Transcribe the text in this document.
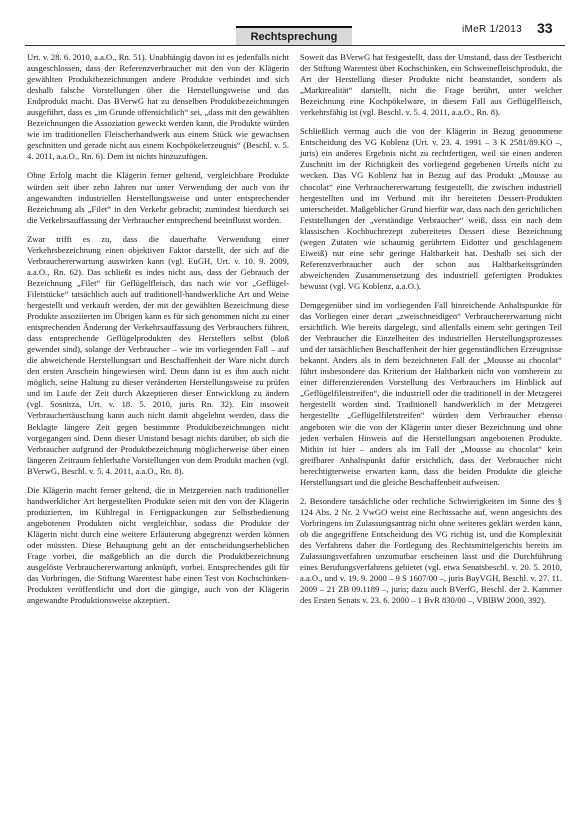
Rechtsprechung
iMeR 1/2013 33

Urt. v. 28. 6. 2010, a.a.O., Rn. 51). Unabhängig davon ist es jedenfalls nicht ausgeschlossen, dass der Referenzverbraucher mit den von der Klägerin gewählten Produktbezeichnungen andere Produkte verbindet und sich deshalb falsche Vorstellungen über die Herstellungsweise und das Endprodukt macht. Das BVerwG hat zu denselben Produktbezeichnungen ausgeführt, dass es „im Grunde offensichtlich“ sei, „dass mit den gewählten Bezeichnungen die Assoziation geweckt werden kann, die Produkte würden wie im traditionellen Fleischerhandwerk aus einem Stück wie gewachsen geschnitten und gerade nicht aus einem Kochpökelerzeugnis“ (Beschl. v. 5. 4. 2011, a.a.O., Rn. 6). Dem ist nichts hinzuzufügen.

Ohne Erfolg macht die Klägerin ferner geltend, vergleichbare Produkte würden seit über zehn Jahren nur unter Verwendung der auch von ihr angewandten industriellen Herstellungsweise und unter entsprechender Bezeichnung als „Filet“ in den Verkehr gebracht; zumindest hierdurch sei die Verkehrsauffassung der Verbraucher entsprechend beeinflusst worden.

Zwar trifft es zu, dass die dauerhafte Verwendung einer Verkehrsbezeichnung einen objektiven Faktor darstellt, der sich auf die Verbrauchererwartung auswirken kann (vgl. EuGH, Urt. v. 10. 9. 2009, a.a.O., Rn. 62). Das schließt es indes nicht aus, dass der Gebrauch der Bezeichnung „Filet“ für Geflügelfleisch, das nach wie vor „Geflügel-Filetstücke“ tatsächlich auch auf traditionell-handwerkliche Art und Weise hergestellt und verkauft werden, der mit der gewählten Bezeichnung diese Produkte assoziierten im Übrigen kann es für sich genommen nicht zu einer entsprechenden Änderung der Verkehrsauffassung des Verbrauchers führen, dass entsprechende Geflügelprodukten des Herstellers selbst (bloß gewendet sind), solange der Verbraucher – wie im vorliegenden Fall – auf die abweichende Herstellungsart und Beschaffenheit der Ware nicht durch den ersten Anschein hingewiesen wird. Denn dann ist es ihm auch nicht möglich, seine Haltung zu dieser veränderten Herstellungsweise zu prüfen und im Laufe der Zeit durch Akzeptieren dieser Entwicklung zu ändern (vgl. Sosnitza, Urt. v. 18. 5. 2010, juris Rn. 32). Ein insoweit Verbrauchertäuschung kann auch nicht damit abgelehnt werden, dass die Beklagte längere Zeit gegen bestimmte Produktbezeichnungen nicht vorgegangen sind. Denn dieser Umstand besagt nichts darüber, ob sich die Verbraucher aufgrund der Produktbezeichnung möglicherweise über einen längeren Zeitraum fehlerhafte Vorstellungen von dem Produkt machen (vgl. BVerwG, Beschl. v. 5. 4. 2011, a.a.O., Rn. 8).

Die Klägerin macht ferner geltend, die in Metzgereien nach traditioneller handwerklicher Art hergestellten Produkte seien mit den von der Klägerin produzierten, im Kühlregal in Fertigpackungen zur Selbstbedienung angebotenen Produkten nicht vergleichbar, sodass die Produkte der Klägerin nicht durch eine weitere Erläuterung abgegrenzt werden können oder müssten. Diese Behauptung geht an der entscheidungserheblichen Frage vorbei, die maßgeblich an die durch die Produktbezeichnung ausgelöste Verbrauchererwartung anknüpft, vorbei. Entsprechendes gilt für das Vorbringen, die Stiftung Warentest habe einen Test von Kochschinken-Produkten veröffentlicht und dort die gängige, auch von der Klägerin angewandte Produktionsweise akzeptiert.

Soweit das BVerwG hat festgestellt, dass der Umstand, dass der Testbericht der Stiftung Warentest über Kochschinken, ein Schweinefleischprodukt, die Art der Herstellung dieser Produkte nicht beanstandet, sondern als „Marktrealität“ darstellt, nicht die Frage berührt, unter welcher Bezeichnung eine Kochpökelware, in diesem Fall aus Geflügelfleisch, verkehrsfähig ist (vgl. Beschl. v. 5. 4. 2011, a.a.O., Rn. 8).

Schließlich vermag auch die von der Klägerin in Bezug genommene Entscheidung des VG Koblenz (Urt. v. 23. 4. 1991 – 3 K 2581/89.KO –, juris) ein anderes Ergebnis nicht zu rechtfertigen, weil sie einen anderen Zuschnitt im der Richtigkeit des vorliegend gegebenen Urteils nicht zu wecken. Das VG Koblenz hat in Bezug auf das Produkt „Mousse au chocolat“ eine Verbrauchererwartung festgestellt, die zwischen industriell hergestellten und im Verbund mit ihr bereiteten Dessert-Produkten unterscheidet. Maßgeblicher Grund hierfür war, dass nach den gerichtlichen Feststellungen der „verständige Verbraucher“ weiß, dass ein nach dem klassischen Kochbuchrezept zubereitetes Dessert diese Bezeichnung (wegen Zutaten wie schaumig gerührtem Eidotter und geschlagenem Eiweiß) nur eine sehr geringe Haltbarkeit hat. Deshalb sei sich der Referenzverbraucher auch der schon aus Haltbarkeitsgründen abweichenden Zusammensetzung des industriell gefertigten Produktes bewusst (vgl. VG Koblenz, a.a.O.).

Demgegenüber sind im vorliegenden Fall hinreichende Anhaltspunkte für das Vorliegen einer derart „zweischneidigen“ Verbrauchererwartung nicht ersichtlich. Wie bereits dargelegt, sind allenfalls einem sehr geringen Teil der Verbraucher die Einzelheiten des industriellen Herstellungsprozesses und der tatsächlichen Beschaffenheit der hier gegenständlichen Erzeugnisse bekannt. Anders als in dem bezeichneten Fall der „Mousse au chocolat“ führt insbesondere das Kriterium der Haltbarkeit nicht von vornherein zu einer differenzierenden Vorstellung des Verbrauchers im Hinblick auf „Geflügelfiletstreifen“, die industriell oder die traditionell in der Metzgerei hergestellt worden sind. Traditionell handwerklich in der Metzgerei hergestellte „Geflügelfiletstreifen“ würden dem Verbraucher ebenso angeboten wie die von der Klägerin unter dieser Bezeichnung und ohne jeden verbalen Hinweis auf die Herstellungsart angebotenen Produkte. Mithin ist hier – anders als im Fall der „Mousse au chocolat“ kein greifbarer Anhaltspunkt dafür ersichtlich, dass der Verbraucher nicht berechtigterweise erwarten kann, dass die beiden Produkte die gleiche Herstellungsart und die gleiche Beschaffenheit aufweisen.

2. Besondere tatsächliche oder rechtliche Schwierigkeiten im Sinne des § 124 Abs. 2 Nr. 2 VwGO weist eine Rechtssache auf, wenn angesichts des Vorbringens im Zulassungsantrag nicht ohne weiteres geklärt werden kann, ob die angegriffene Entscheidung des VG richtig ist, und die Komplexität des Verfahrens daher die Fortlegung des Rechtsmittelgerichts bereits im Zulassungsverfahren unzumutbar erscheinen lässt und die Durchführung eines Berufungsverfahrens gebietet (vgl. etwa Senatsbeschl. v. 20. 5. 2010, a.a.O., und v. 19. 9. 2000 – 9 S 1607/00 –, juris BayVGH, Beschl. v. 27. 11. 2009 – 21 ZB 09.1189 –, juris; dazu auch BVerfG, Beschl. der 2. Kammer des Ersten Senats v. 23. 6. 2000 – 1 BvR 830/00 –, VBlBW 2000, 392).
